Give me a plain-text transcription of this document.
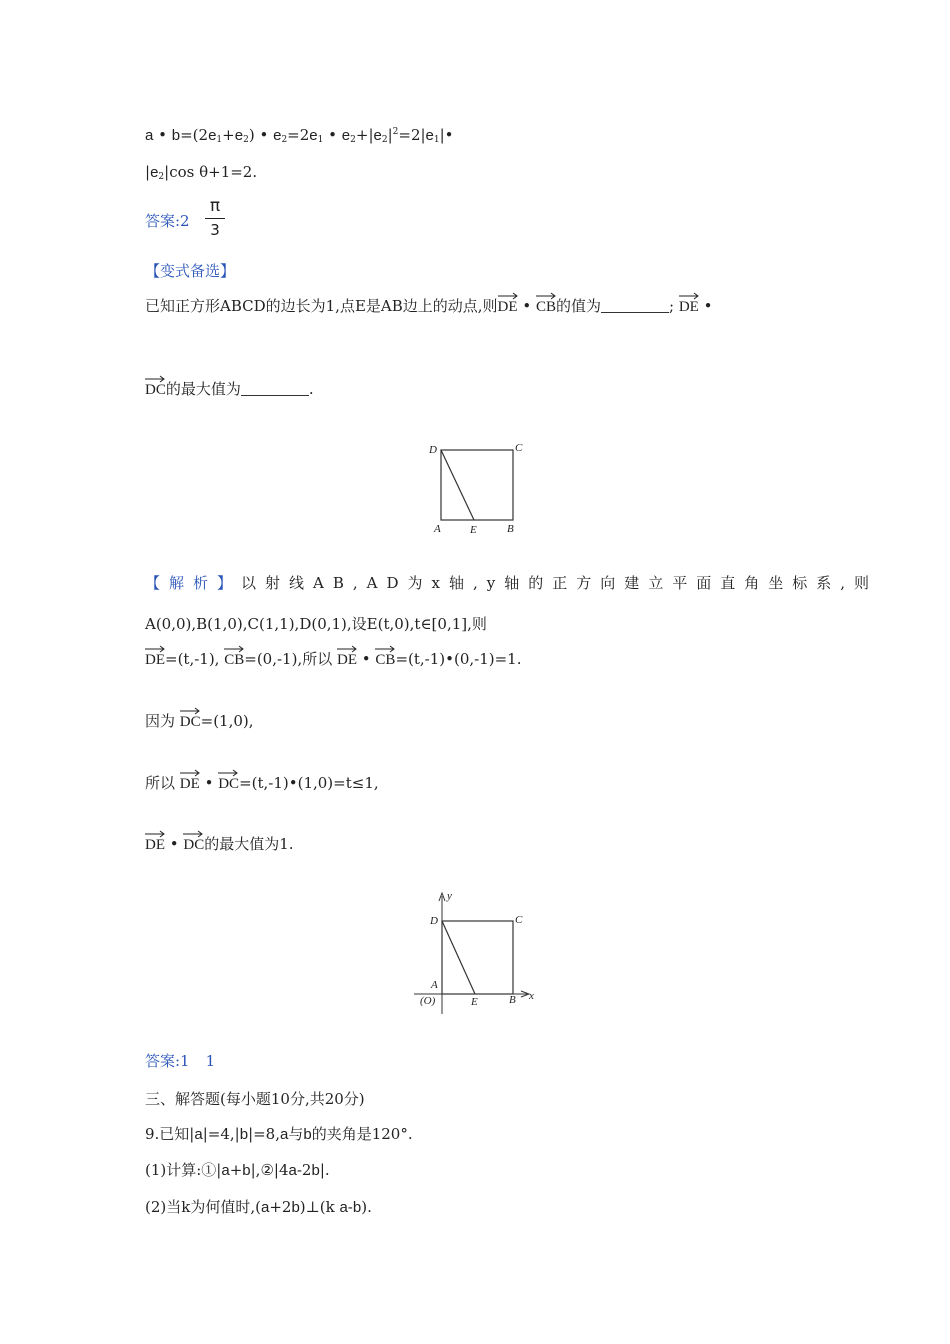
a • $b=(2e_1+e_2)$ • $e_2=2e_1$ • $e_2+|e_2|^2=2|e_1|•$
$|e_2|\cos$ θ+1=2.
答案:2
π
3
【变式备选】
已知正方形ABCD的边长为1,点E是AB边上的动点,则
DE • CB的值为	; DE •
DC的最大值为	.
D	C
A	E	B
【解析】以射线AB,AD为x轴,y轴的正方向建立平面直角坐标系,则
A(0,0),B(1,0),C(1,1),D(0,1),设E(t,0),t∈[0,1],则
DE=(t,-1), CB=(0,-1),所以 DE • CB=(t,-1)•(0,-1)=1.
因为 DC=(1,0),
所以 DE • DC=(t,-1)•(1,0)=t≤1,
DE • DC的最大值为1.
y
x
D	C
A
(O)	E	B
答案:1 1
三、解答题(每小题10分,共20分)
9.已知|a|=4,|b|=8,a与b的夹角是120°.
(1)计算:①|a+b|,②|4a-2b|.
(2)当k为何值时,(a+2b)⊥(k a-b).
